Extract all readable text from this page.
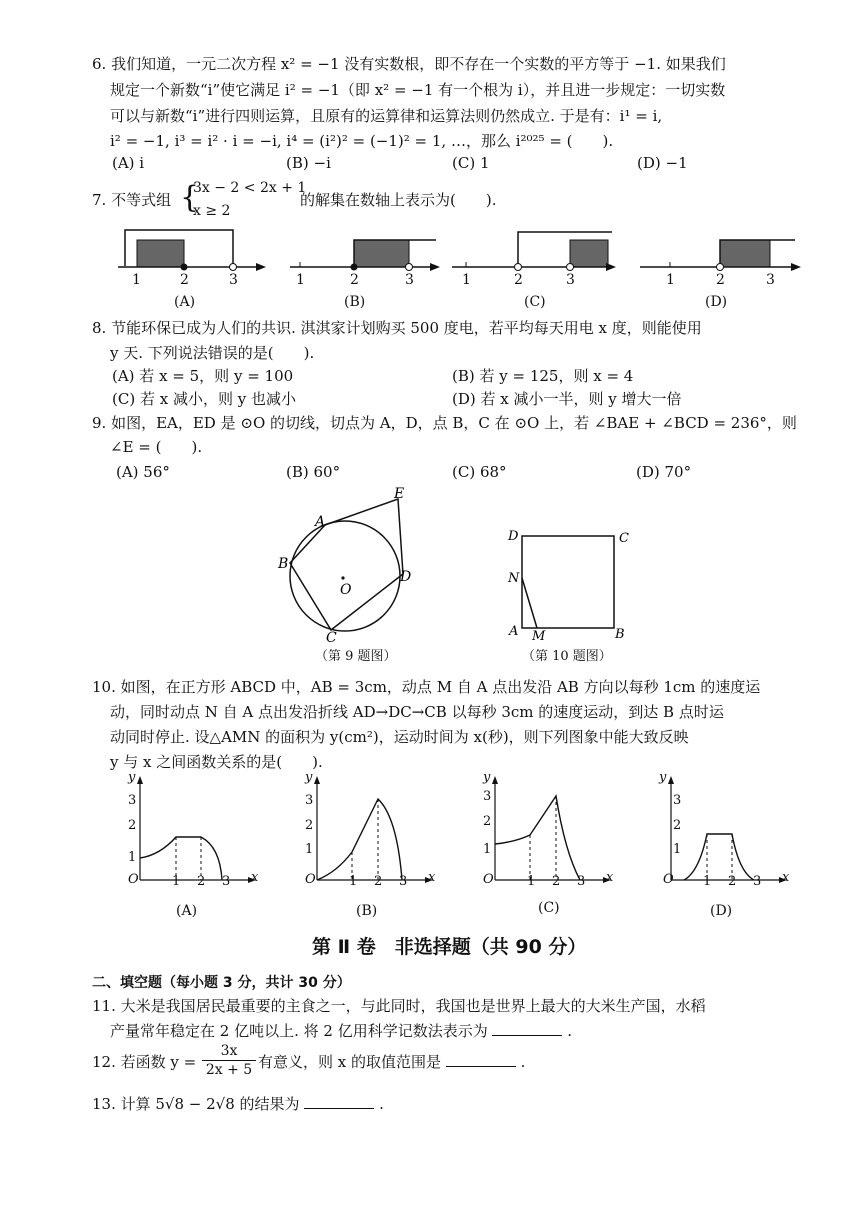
6. 我们知道，一元二次方程 x² = −1 没有实数根，即不存在一个实数的平方等于 −1. 如果我们
规定一个新数“i”使它满足 i² = −1（即 x² = −1 有一个根为 i），并且进一步规定：一切实数
可以与新数“i”进行四则运算，且原有的运算律和运算法则仍然成立. 于是有：i¹ = i,
i² = −1, i³ = i² · i = −i, i⁴ = (i²)² = (−1)² = 1, …，那么 i²⁰²⁵ = (　　).
(A) i	(B) −i	(C) 1	(D) −1
7. 不等式组 {
3x − 2 < 2x + 1
x ≥ 2
的解集在数轴上表示为(　　).
1	2	3	1	2	3	1	2	3	1	2	3
(A)	(B)	(C)	(D)
8. 节能环保已成为人们的共识. 淇淇家计划购买 500 度电，若平均每天用电 x 度，则能使用
y 天. 下列说法错误的是(　　).
(A) 若 x = 5，则 y = 100	(B) 若 y = 125，则 x = 4
(C) 若 x 减小，则 y 也减小	(D) 若 x 减小一半，则 y 增大一倍
9. 如图，EA，ED 是 ⊙O 的切线，切点为 A，D，点 B，C 在 ⊙O 上，若 ∠BAE + ∠BCD = 236°，则
∠E = (　　).
(A) 56°	(B) 60°	(C) 68°	(D) 70°
A
B
C
D
E
O
（第 9 题图）
D	C
N
A M	B
（第 10 题图）
10. 如图，在正方形 ABCD 中，AB = 3cm，动点 M 自 A 点出发沿 AB 方向以每秒 1cm 的速度运
动，同时动点 N 自 A 点出发沿折线 AD→DC→CB 以每秒 3cm 的速度运动，到达 B 点时运
动同时停止. 设△AMN 的面积为 y(cm²)，运动时间为 x(秒)，则下列图象中能大致反映
y 与 x 之间函数关系的是(　　).
y
O	x
1 2 3
1
2
3
(A)
y
O	x
1 2 3
1
2
3
(B)
y
O	x
1 2 3
1
2
3
(C)
y
O	x
1 2 3
1
2
3
(D)
第 Ⅱ 卷　非选择题（共 90 分）
二、填空题（每小题 3 分，共计 30 分）
11. 大米是我国居民最重要的主食之一，与此同时，我国也是世界上最大的大米生产国，水稻
产量常年稳定在 2 亿吨以上. 将 2 亿用科学记数法表示为	.
12. 若函数 $y = \frac{3x}{2x + 5}$ 有意义，则 x 的取值范围是	.
13. 计算 5√8 − 2√8 的结果为	.
